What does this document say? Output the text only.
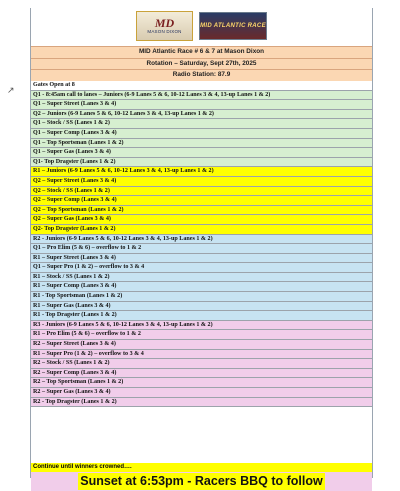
↗
MD
MASON DIXON
MID ATLANTIC RACE
MID Atlantic Race # 6 & 7 at Mason Dixon
Rotation – Saturday, Sept 27th, 2025
Radio Station: 87.9
Gates Open at 8
Q1 - 8:45am call to lanes – Juniors (6-9 Lanes 5 & 6, 10-12 Lanes 3 & 4, 13-up Lanes 1 & 2)
Q1 – Super Street (Lanes 3 & 4)
Q2 – Juniors (6-9 Lanes 5 & 6, 10-12 Lanes 3 & 4, 13-up Lanes 1 & 2)
Q1 – Stock / SS (Lanes 1 & 2)
Q1 – Super Comp (Lanes 3 & 4)
Q1 – Top Sportsman (Lanes 1 & 2)
Q1 – Super Gas (Lanes 3 & 4)
Q1- Top Dragster (Lanes 1 & 2)
R1 – Juniors (6-9 Lanes 5 & 6, 10-12 Lanes 3 & 4, 13-up Lanes 1 & 2)
Q2 – Super Street (Lanes 3 & 4)
Q2 – Stock / SS (Lanes 1 & 2)
Q2 – Super Comp (Lanes 3 & 4)
Q2 – Top Sportsman (Lanes 1 & 2)
Q2 – Super Gas (Lanes 3 & 4)
Q2- Top Dragster (Lanes 1 & 2)
R2 - Juniors (6-9 Lanes 5 & 6, 10-12 Lanes 3 & 4, 13-up Lanes 1 & 2)
Q1 – Pro Elim (5 & 6) – overflow to 1 & 2
R1 – Super Street (Lanes 3 & 4)
Q1 – Super Pro (1 & 2) – overflow to 3 & 4
R1 – Stock / SS (Lanes 1 & 2)
R1 – Super Comp (Lanes 3 & 4)
R1 - Top Sportsman (Lanes 1 & 2)
R1 – Super Gas (Lanes 3 & 4)
R1 - Top Dragster (Lanes 1 & 2)
R3 - Juniors (6-9 Lanes 5 & 6, 10-12 Lanes 3 & 4, 13-up Lanes 1 & 2)
R1 – Pro Elim (5 & 6) – overflow to 1 & 2
R2 – Super Street (Lanes 3 & 4)
R1 – Super Pro (1 & 2) – overflow to 3 & 4
R2 – Stock / SS (Lanes 1 & 2)
R2 – Super Comp (Lanes 3 & 4)
R2 – Top Sportsman (Lanes 1 & 2)
R2 – Super Gas (Lanes 3 & 4)
R2 - Top Dragster (Lanes 1 & 2)
Continue until winners crowned….
Sunset at 6:53pm - Racers BBQ to follow
